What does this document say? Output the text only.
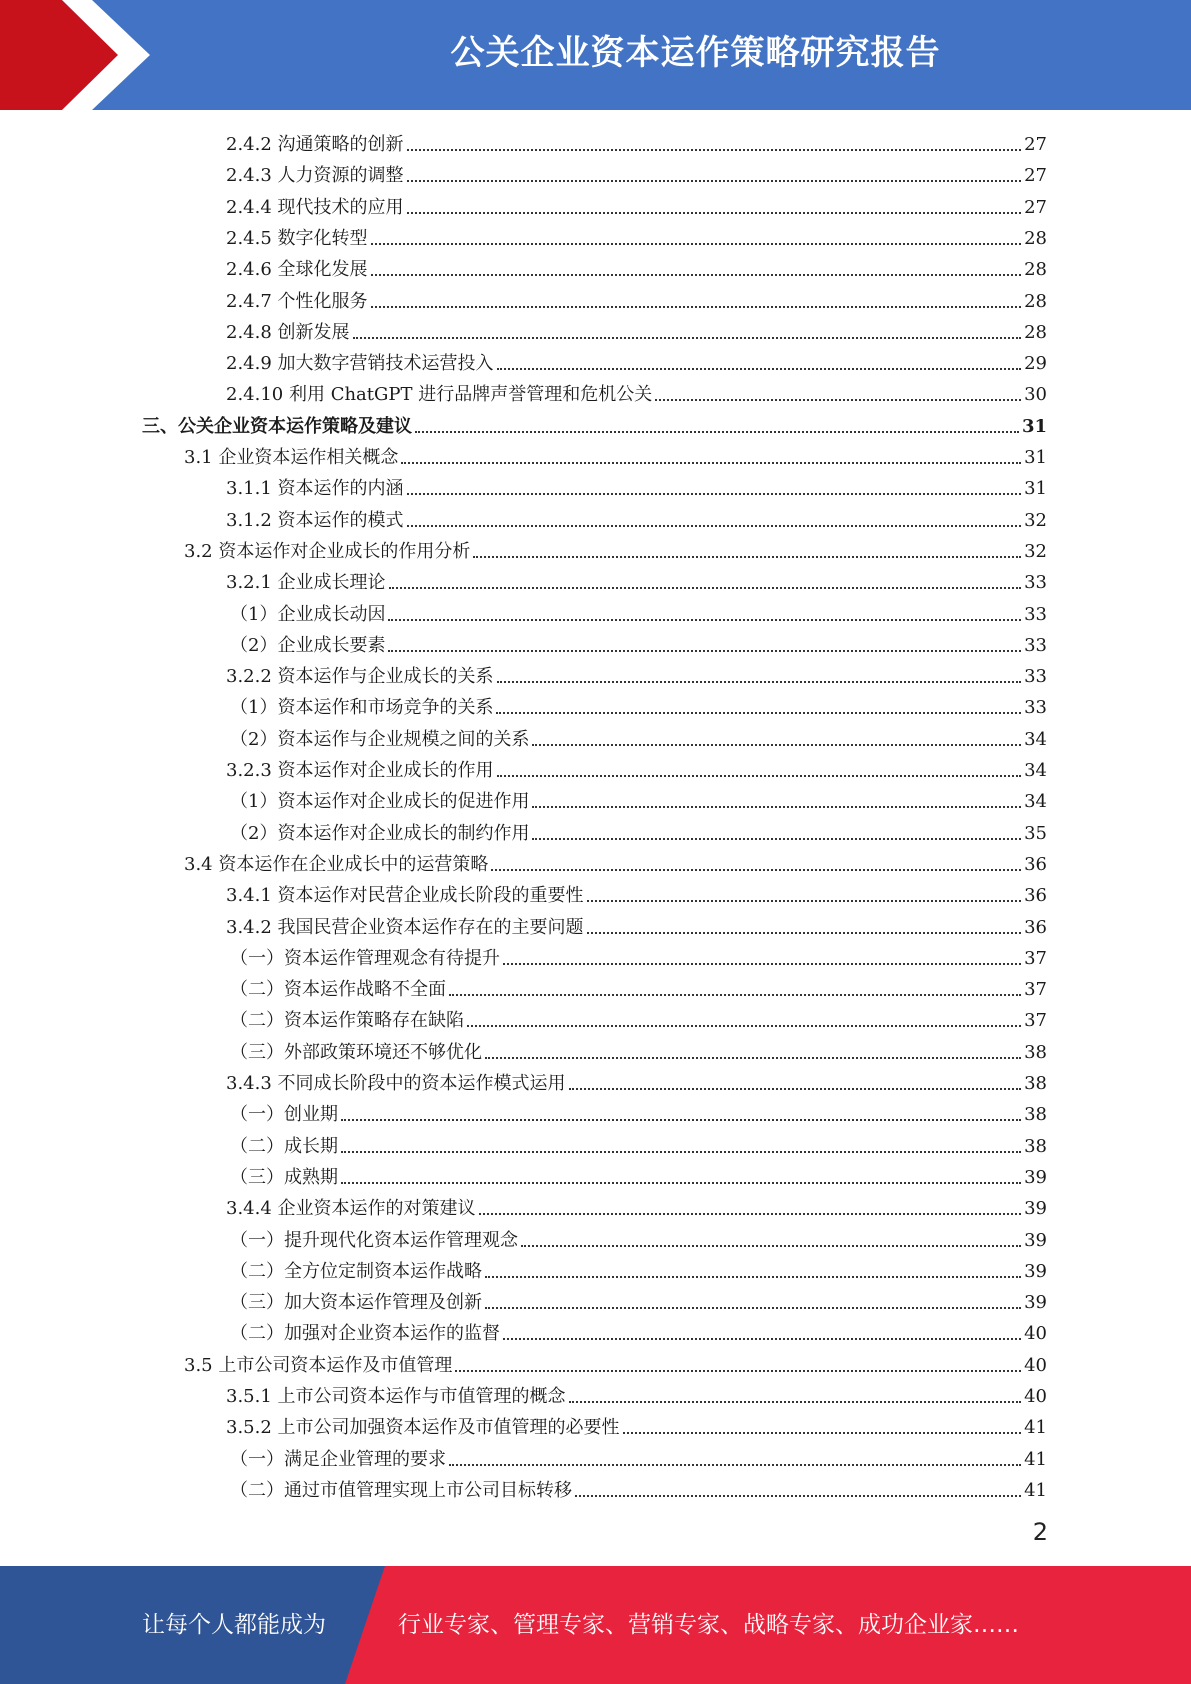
公关企业资本运作策略研究报告
2.4.2 沟通策略的创新	27
2.4.3 人力资源的调整	27
2.4.4 现代技术的应用	27
2.4.5 数字化转型	28
2.4.6 全球化发展	28
2.4.7 个性化服务	28
2.4.8 创新发展	28
2.4.9 加大数字营销技术运营投入	29
2.4.10 利用 ChatGPT 进行品牌声誉管理和危机公关	30
三、公关企业资本运作策略及建议	31
3.1 企业资本运作相关概念	31
3.1.1 资本运作的内涵	31
3.1.2 资本运作的模式	32
3.2 资本运作对企业成长的作用分析	32
3.2.1 企业成长理论	33
（1）企业成长动因	33
（2）企业成长要素	33
3.2.2 资本运作与企业成长的关系	33
（1）资本运作和市场竞争的关系	33
（2）资本运作与企业规模之间的关系	34
3.2.3 资本运作对企业成长的作用	34
（1）资本运作对企业成长的促进作用	34
（2）资本运作对企业成长的制约作用	35
3.4 资本运作在企业成长中的运营策略	36
3.4.1 资本运作对民营企业成长阶段的重要性	36
3.4.2 我国民营企业资本运作存在的主要问题	36
（一）资本运作管理观念有待提升	37
（二）资本运作战略不全面	37
（二）资本运作策略存在缺陷	37
（三）外部政策环境还不够优化	38
3.4.3 不同成长阶段中的资本运作模式运用	38
（一）创业期	38
（二）成长期	38
（三）成熟期	39
3.4.4 企业资本运作的对策建议	39
（一）提升现代化资本运作管理观念	39
（二）全方位定制资本运作战略	39
（三）加大资本运作管理及创新	39
（二）加强对企业资本运作的监督	40
3.5 上市公司资本运作及市值管理	40
3.5.1 上市公司资本运作与市值管理的概念	40
3.5.2 上市公司加强资本运作及市值管理的必要性	41
（一）满足企业管理的要求	41
（二）通过市值管理实现上市公司目标转移	41
2
让每个人都能成为	行业专家、管理专家、营销专家、战略专家、成功企业家……
